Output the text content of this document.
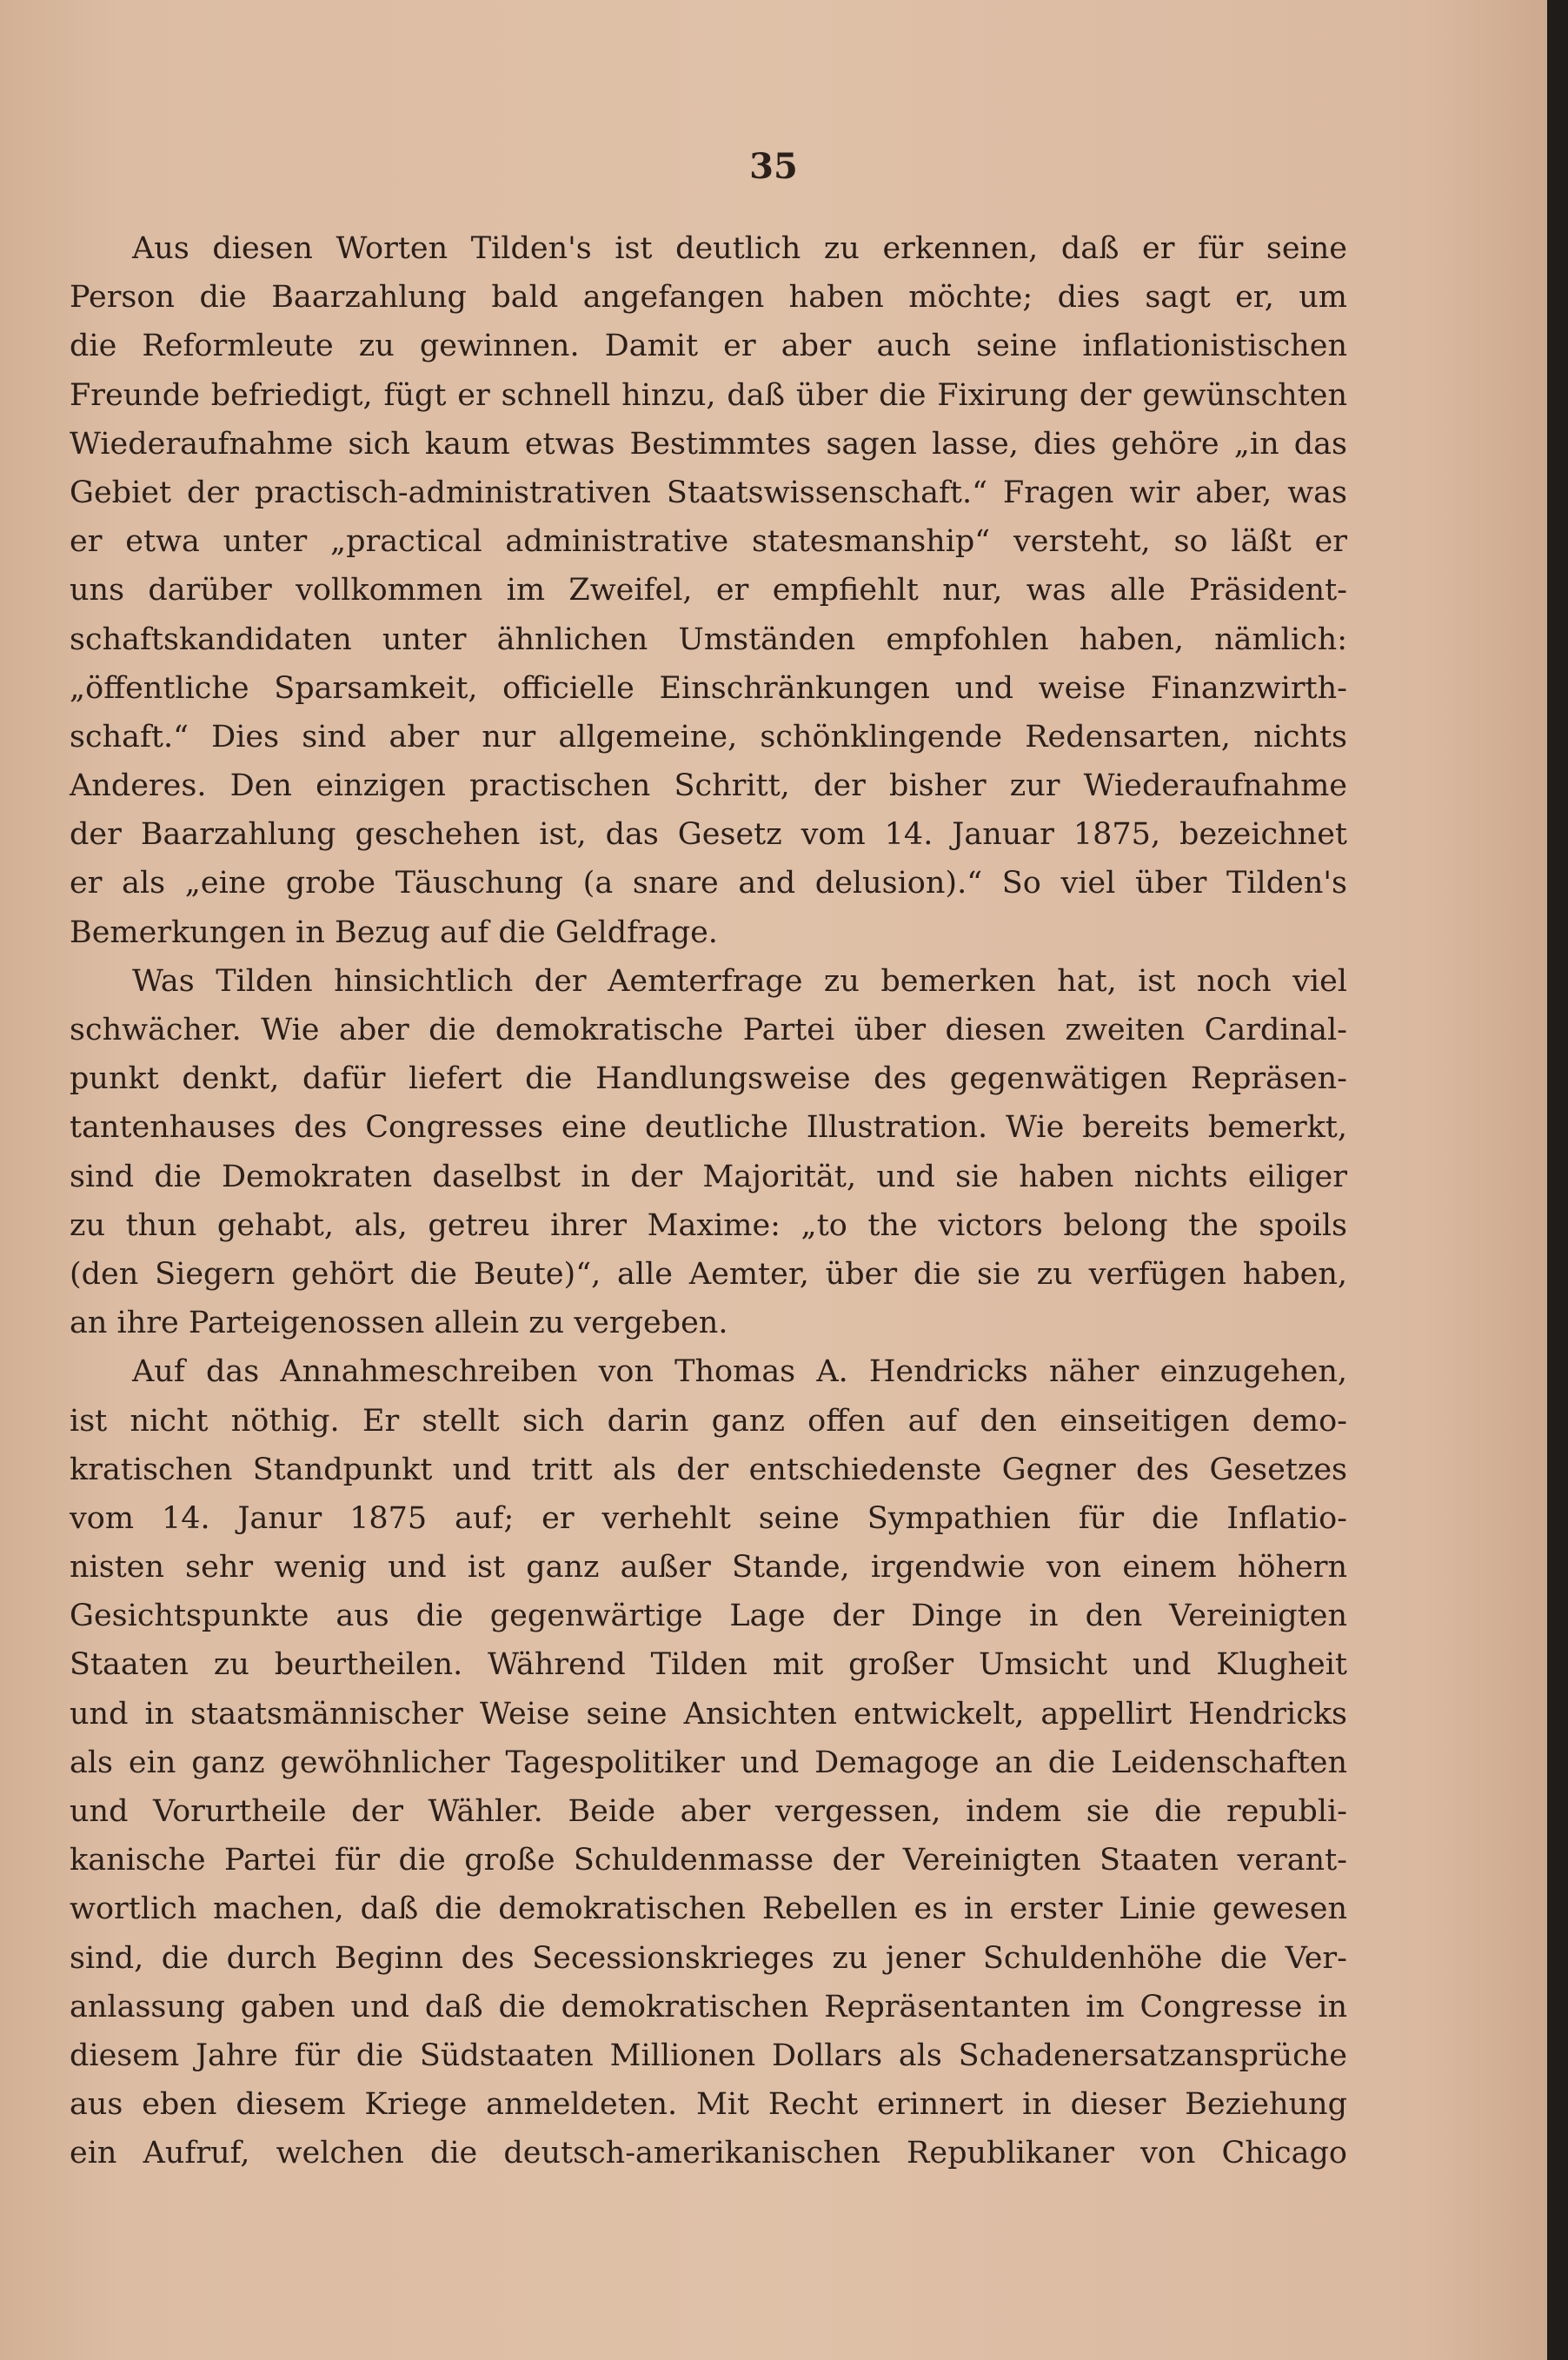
35
Aus diesen Worten Tilden's ist deutlich zu erkennen, daß er für seine
Person die Baarzahlung bald angefangen haben möchte; dies sagt er, um
die Reformleute zu gewinnen. Damit er aber auch seine inflationistischen
Freunde befriedigt, fügt er schnell hinzu, daß über die Fixirung der gewünschten
Wiederaufnahme sich kaum etwas Bestimmtes sagen lasse, dies gehöre „in das
Gebiet der practisch-administrativen Staatswissenschaft.“ Fragen wir aber, was
er etwa unter „practical administrative statesmanship“ versteht, so läßt er
uns darüber vollkommen im Zweifel, er empfiehlt nur, was alle Präsident-
schaftskandidaten unter ähnlichen Umständen empfohlen haben, nämlich:
„öffentliche Sparsamkeit, officielle Einschränkungen und weise Finanzwirth-
schaft.“ Dies sind aber nur allgemeine, schönklingende Redensarten, nichts
Anderes. Den einzigen practischen Schritt, der bisher zur Wiederaufnahme
der Baarzahlung geschehen ist, das Gesetz vom 14. Januar 1875, bezeichnet
er als „eine grobe Täuschung (a snare and delusion).“ So viel über Tilden's
Bemerkungen in Bezug auf die Geldfrage.
Was Tilden hinsichtlich der Aemterfrage zu bemerken hat, ist noch viel
schwächer. Wie aber die demokratische Partei über diesen zweiten Cardinal-
punkt denkt, dafür liefert die Handlungsweise des gegenwätigen Repräsen-
tantenhauses des Congresses eine deutliche Illustration. Wie bereits bemerkt,
sind die Demokraten daselbst in der Majorität, und sie haben nichts eiliger
zu thun gehabt, als, getreu ihrer Maxime: „to the victors belong the spoils
(den Siegern gehört die Beute)“, alle Aemter, über die sie zu verfügen haben,
an ihre Parteigenossen allein zu vergeben.
Auf das Annahmeschreiben von Thomas A. Hendricks näher einzugehen,
ist nicht nöthig. Er stellt sich darin ganz offen auf den einseitigen demo-
kratischen Standpunkt und tritt als der entschiedenste Gegner des Gesetzes
vom 14. Janur 1875 auf; er verhehlt seine Sympathien für die Inflatio-
nisten sehr wenig und ist ganz außer Stande, irgendwie von einem höhern
Gesichtspunkte aus die gegenwärtige Lage der Dinge in den Vereinigten
Staaten zu beurtheilen. Während Tilden mit großer Umsicht und Klugheit
und in staatsmännischer Weise seine Ansichten entwickelt, appellirt Hendricks
als ein ganz gewöhnlicher Tagespolitiker und Demagoge an die Leidenschaften
und Vorurtheile der Wähler. Beide aber vergessen, indem sie die republi-
kanische Partei für die große Schuldenmasse der Vereinigten Staaten verant-
wortlich machen, daß die demokratischen Rebellen es in erster Linie gewesen
sind, die durch Beginn des Secessionskrieges zu jener Schuldenhöhe die Ver-
anlassung gaben und daß die demokratischen Repräsentanten im Congresse in
diesem Jahre für die Südstaaten Millionen Dollars als Schadenersatzansprüche
aus eben diesem Kriege anmeldeten. Mit Recht erinnert in dieser Beziehung
ein Aufruf, welchen die deutsch-amerikanischen Republikaner von Chicago
